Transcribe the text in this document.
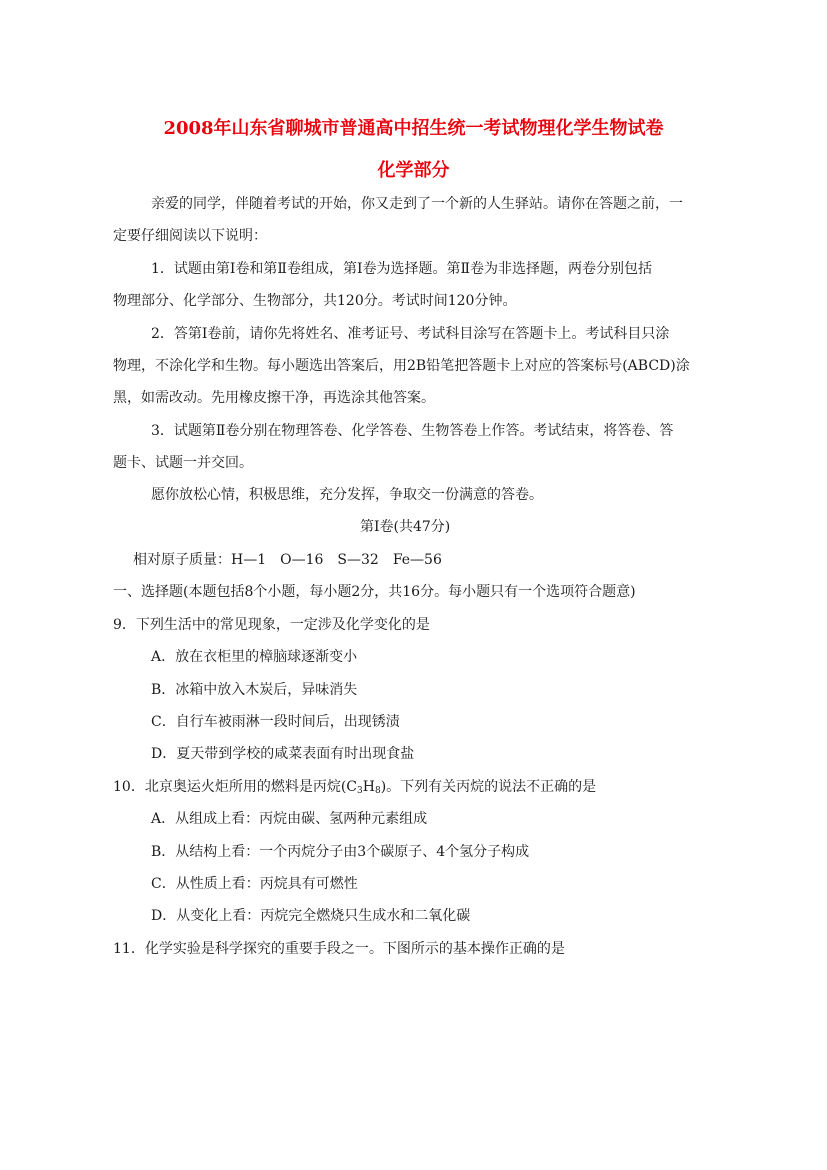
2008年山东省聊城市普通高中招生统一考试物理化学生物试卷
化学部分
亲爱的同学，伴随着考试的开始，你又走到了一个新的人生驿站。请你在答题之前，一
定要仔细阅读以下说明：
1．试题由第Ⅰ卷和第Ⅱ卷组成，第Ⅰ卷为选择题。第Ⅱ卷为非选择题，两卷分别包括
物理部分、化学部分、生物部分，共120分。考试时间120分钟。
2．答第Ⅰ卷前，请你先将姓名、准考证号、考试科目涂写在答题卡上。考试科目只涂
物理，不涂化学和生物。每小题选出答案后，用2B铅笔把答题卡上对应的答案标号(ABCD)涂
黑，如需改动。先用橡皮擦干净，再选涂其他答案。
3．试题第Ⅱ卷分别在物理答卷、化学答卷、生物答卷上作答。考试结束，将答卷、答
题卡、试题一并交回。
愿你放松心情，积极思维，充分发挥，争取交一份满意的答卷。
第Ⅰ卷(共47分)
相对原子质量：H—1　O—16　S—32　Fe—56
一、选择题(本题包括8个小题，每小题2分，共16分。每小题只有一个选项符合题意)
9．下列生活中的常见现象，一定涉及化学变化的是
A．放在衣柜里的樟脑球逐渐变小
B．冰箱中放入木炭后，异味消失
C．自行车被雨淋一段时间后，出现锈渍
D．夏天带到学校的咸菜表面有时出现食盐
10．北京奥运火炬所用的燃料是丙烷(C3H8)。下列有关丙烷的说法不正确的是
A．从组成上看：丙烷由碳、氢两种元素组成
B．从结构上看：一个丙烷分子由3个碳原子、4个氢分子构成
C．从性质上看：丙烷具有可燃性
D．从变化上看：丙烷完全燃烧只生成水和二氧化碳
11．化学实验是科学探究的重要手段之一。下图所示的基本操作正确的是
